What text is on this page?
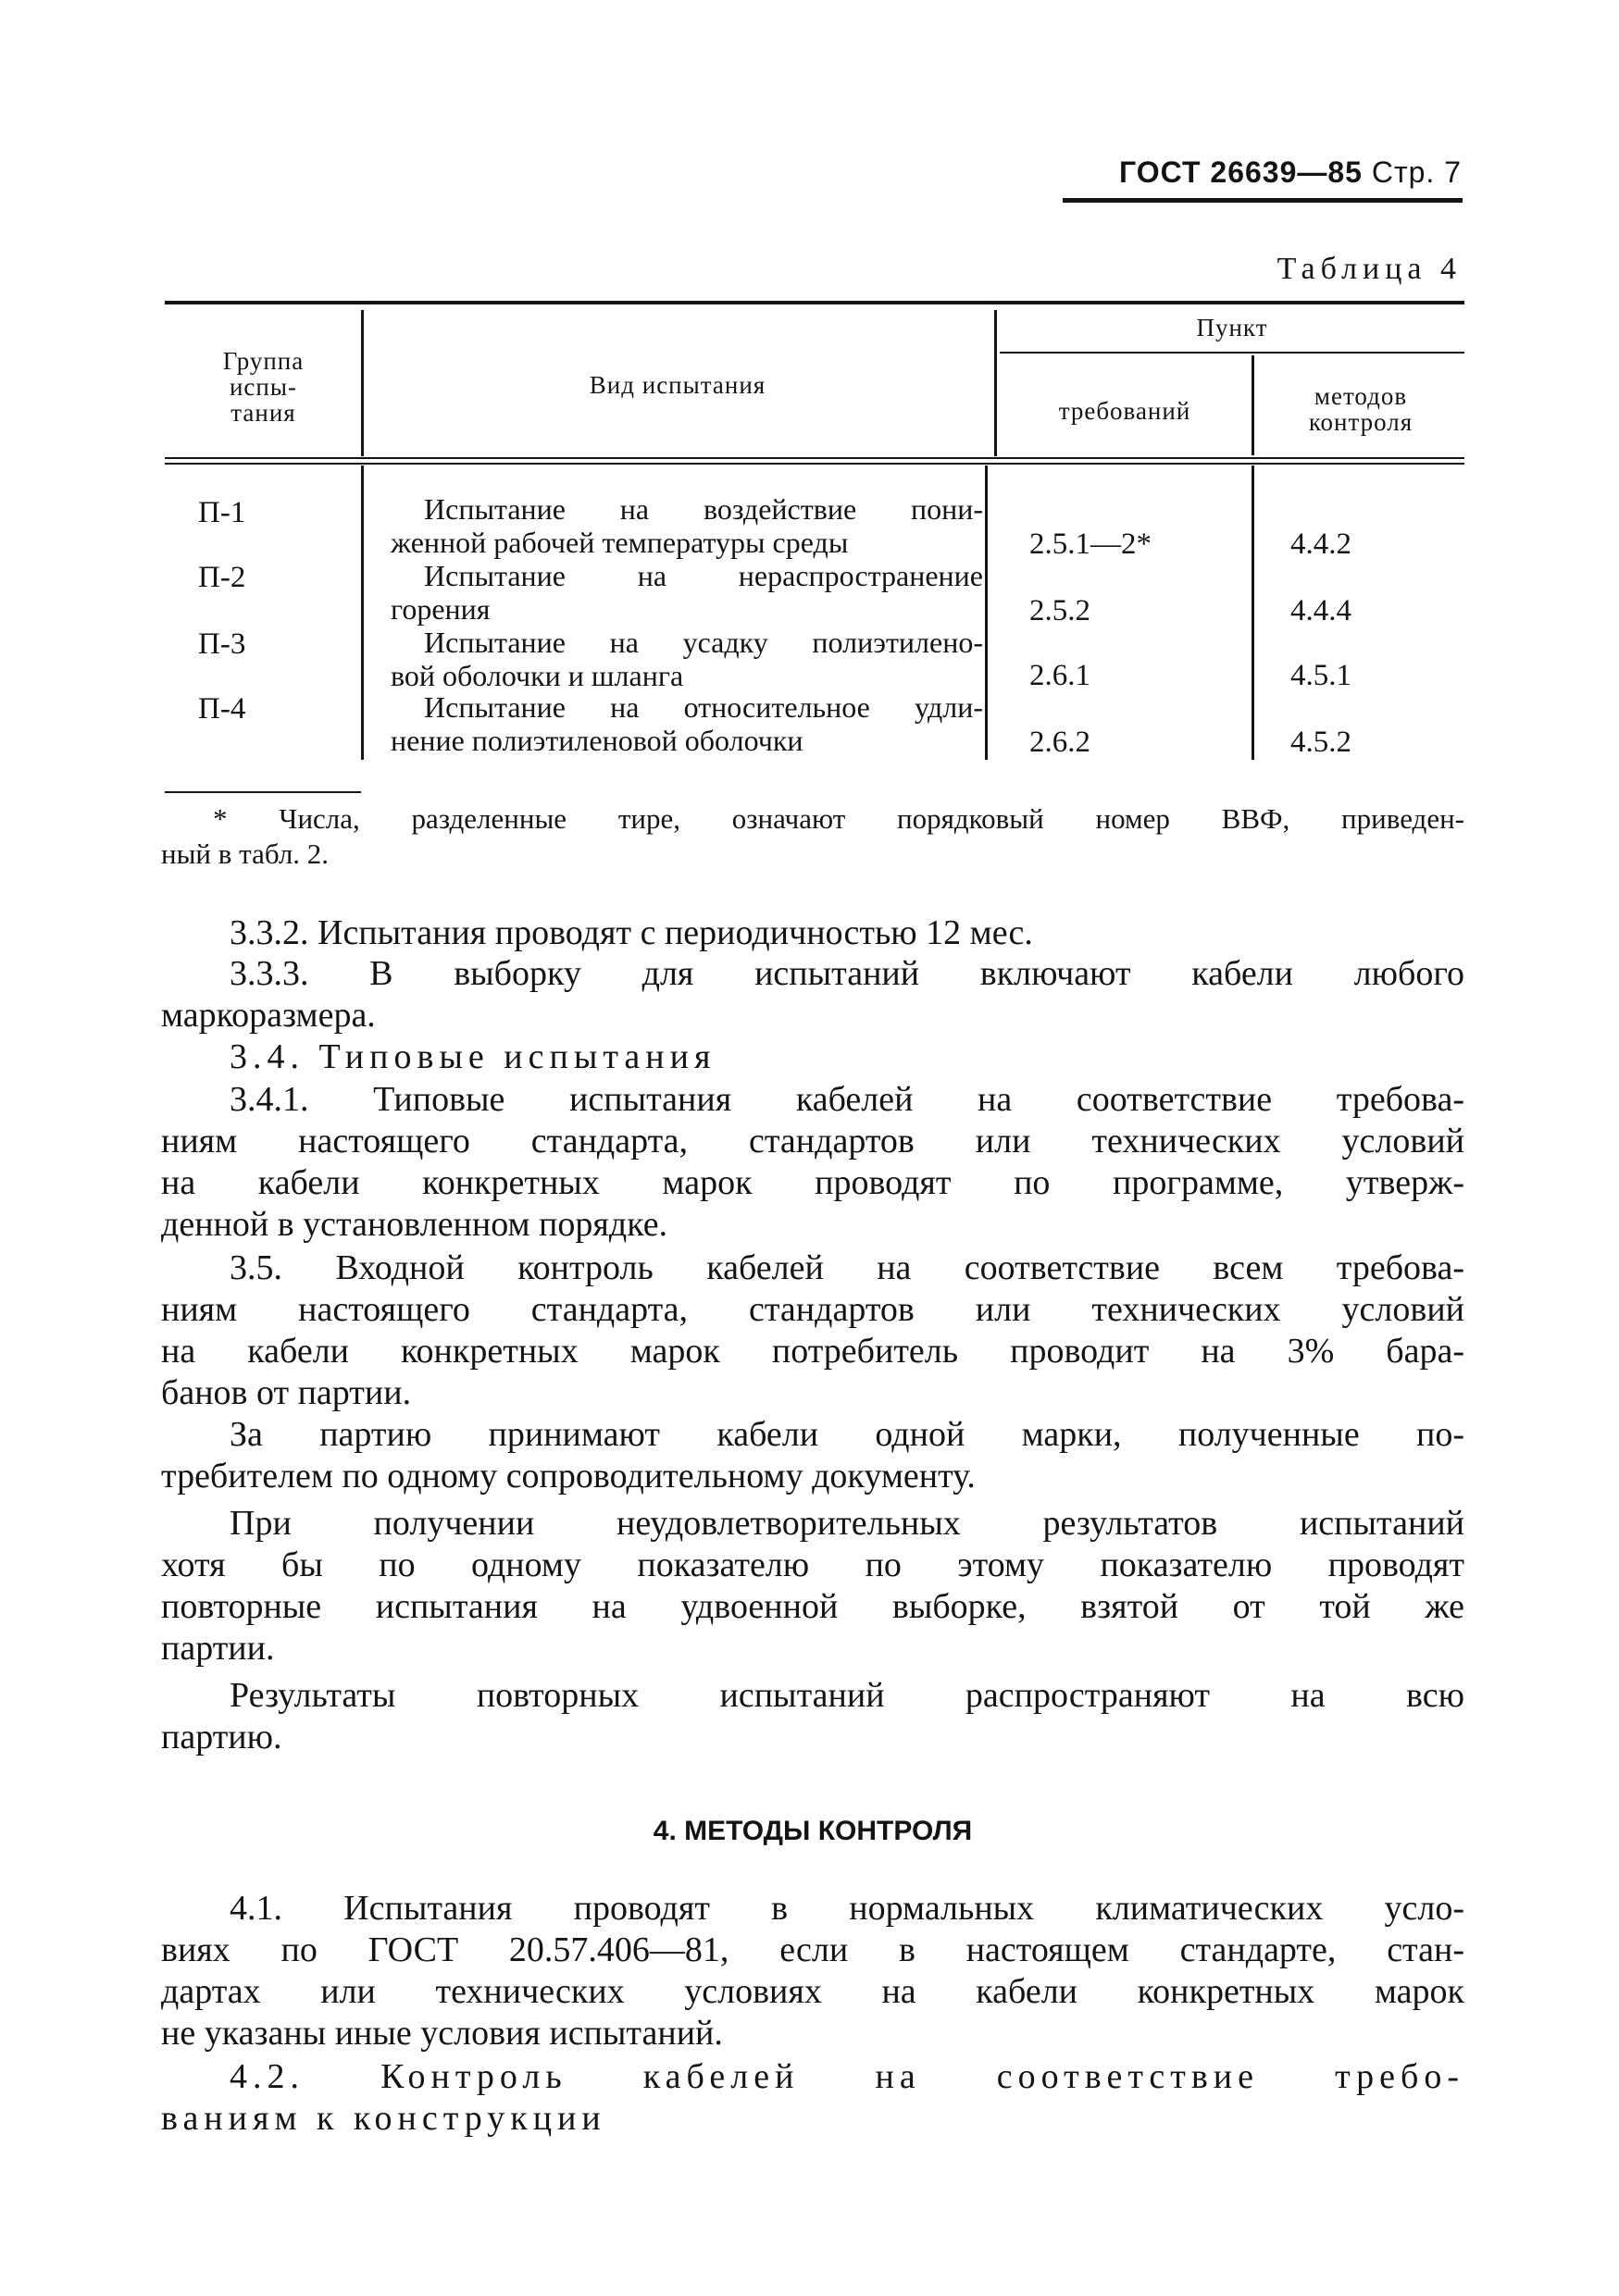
ГОСТ 26639—85 Стр. 7
Таблица 4
Группа
испы-
тания
Вид испытания
Пункт
требований
методов
контроля
П-1	Испытание на воздействие пони-
женной рабочей температуры среды	2.5.1—2*	4.4.2
П-2	Испытание на нераспространение
горения	2.5.2	4.4.4
П-3	Испытание на усадку полиэтилено-
вой оболочки и шланга	2.6.1	4.5.1
П-4	Испытание на относительное удли-
нение полиэтиленовой оболочки	2.6.2	4.5.2
* Числа, разделенные тире, означают порядковый номер ВВФ, приведен-
ный в табл. 2.
3.3.2. Испытания проводят с периодичностью 12 мес.
3.3.3. В выборку для испытаний включают кабели любого
маркоразмера.
3.4. Типовые испытания
3.4.1. Типовые испытания кабелей на соответствие требова-
ниям настоящего стандарта, стандартов или технических условий
на кабели конкретных марок проводят по программе, утверж-
денной в установленном порядке.
3.5. Входной контроль кабелей на соответствие всем требова-
ниям настоящего стандарта, стандартов или технических условий
на кабели конкретных марок потребитель проводит на 3% бара-
банов от партии.
За партию принимают кабели одной марки, полученные по-
требителем по одному сопроводительному документу.
При получении неудовлетворительных результатов испытаний
хотя бы по одному показателю по этому показателю проводят
повторные испытания на удвоенной выборке, взятой от той же
партии.
Результаты повторных испытаний распространяют на всю
партию.
4. МЕТОДЫ КОНТРОЛЯ
4.1. Испытания проводят в нормальных климатических усло-
виях по ГОСТ 20.57.406—81, если в настоящем стандарте, стан-
дартах или технических условиях на кабели конкретных марок
не указаны иные условия испытаний.
4.2. Контроль кабелей на соответствие требо-
ваниям к конструкции
